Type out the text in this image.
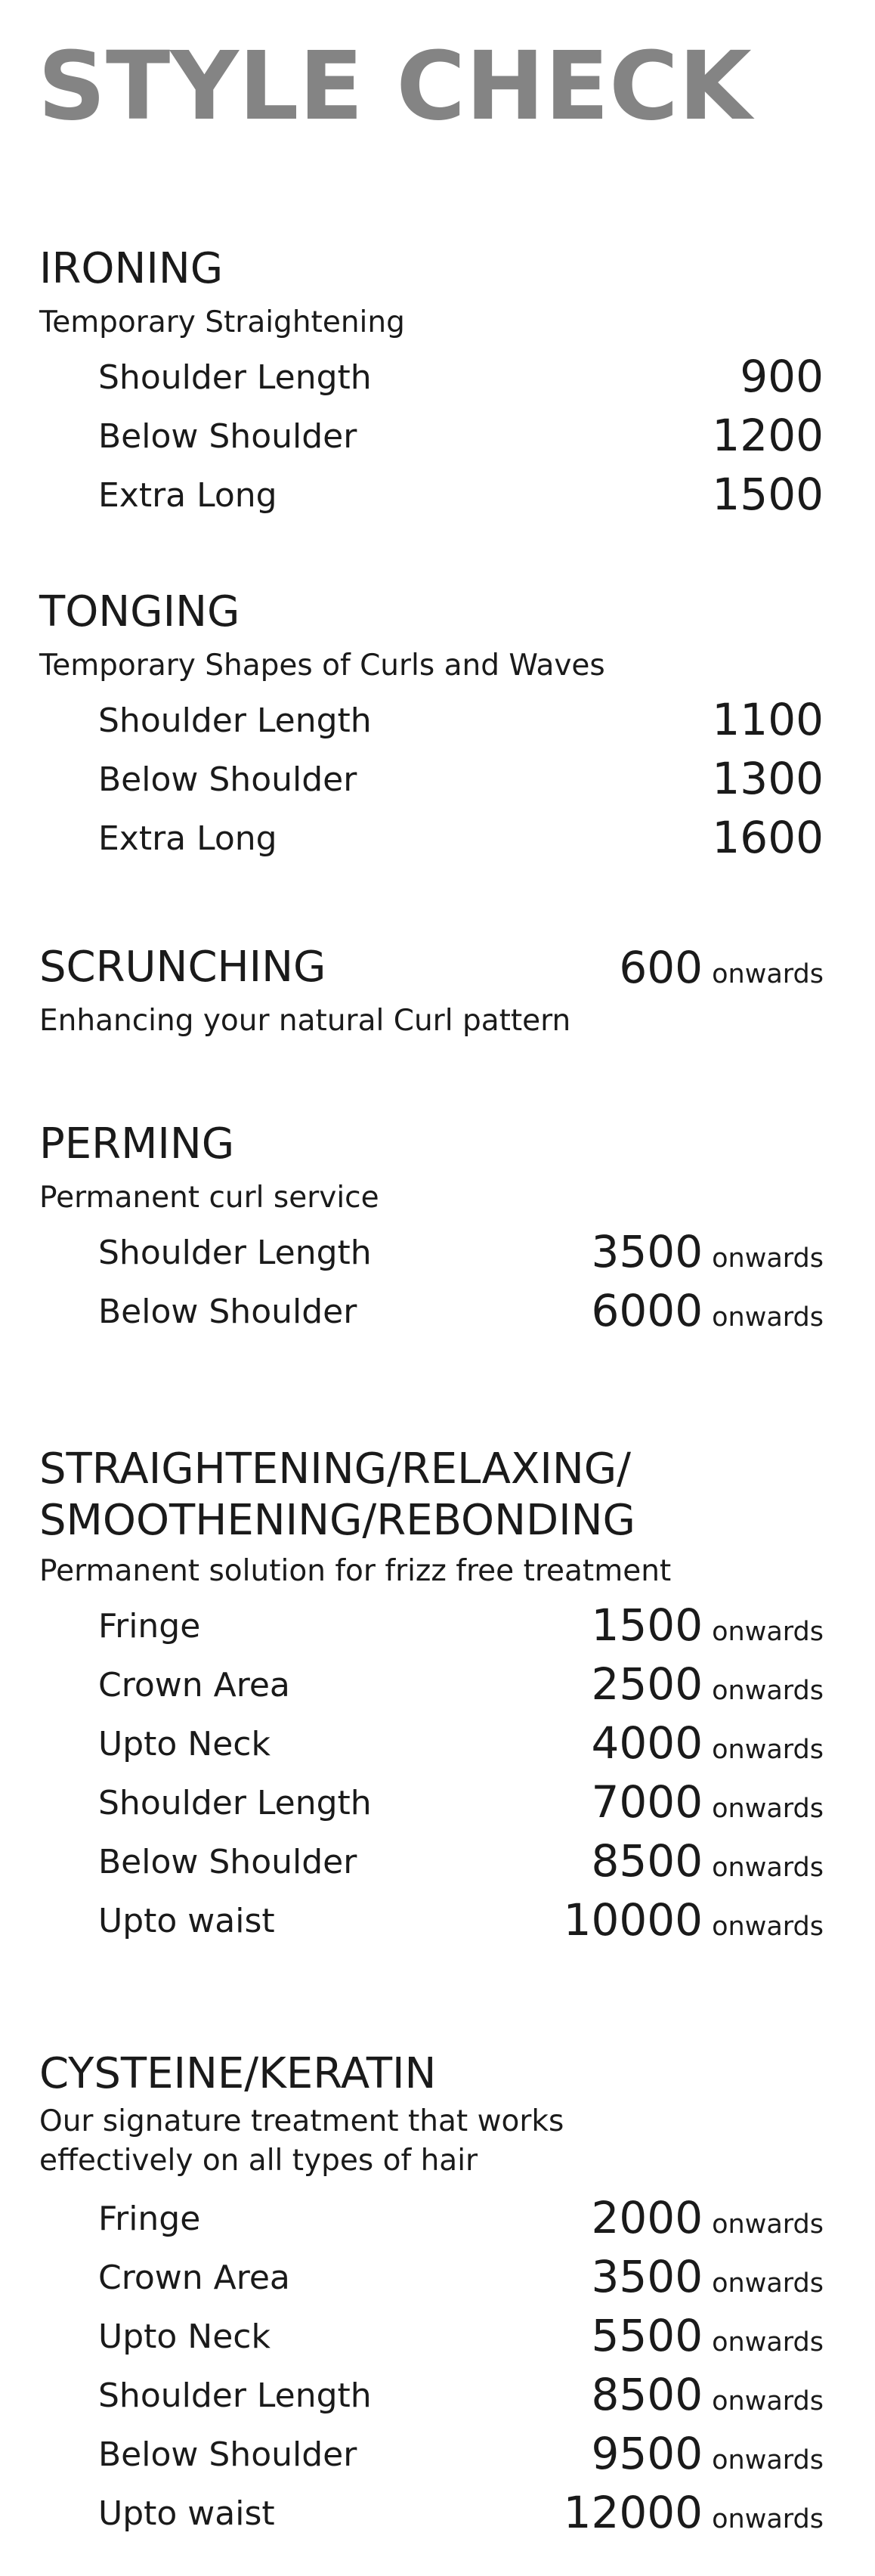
STYLE CHECK
IRONING
Temporary Straightening
Shoulder Length	900
Below Shoulder	1200
Extra Long	1500
TONGING
Temporary Shapes of Curls and Waves
Shoulder Length	1100
Below Shoulder	1300
Extra Long	1600
SCRUNCHING	600 onwards
Enhancing your natural Curl pattern
PERMING
Permanent curl service
Shoulder Length	3500 onwards
Below Shoulder	6000 onwards
STRAIGHTENING/RELAXING/
SMOOTHENING/REBONDING
Permanent solution for frizz free treatment
Fringe	1500 onwards
Crown Area	2500 onwards
Upto Neck	4000 onwards
Shoulder Length	7000 onwards
Below Shoulder	8500 onwards
Upto waist	10000 onwards
CYSTEINE/KERATIN
Our signature treatment that works
effectively on all types of hair
Fringe	2000 onwards
Crown Area	3500 onwards
Upto Neck	5500 onwards
Shoulder Length	8500 onwards
Below Shoulder	9500 onwards
Upto waist	12000 onwards
